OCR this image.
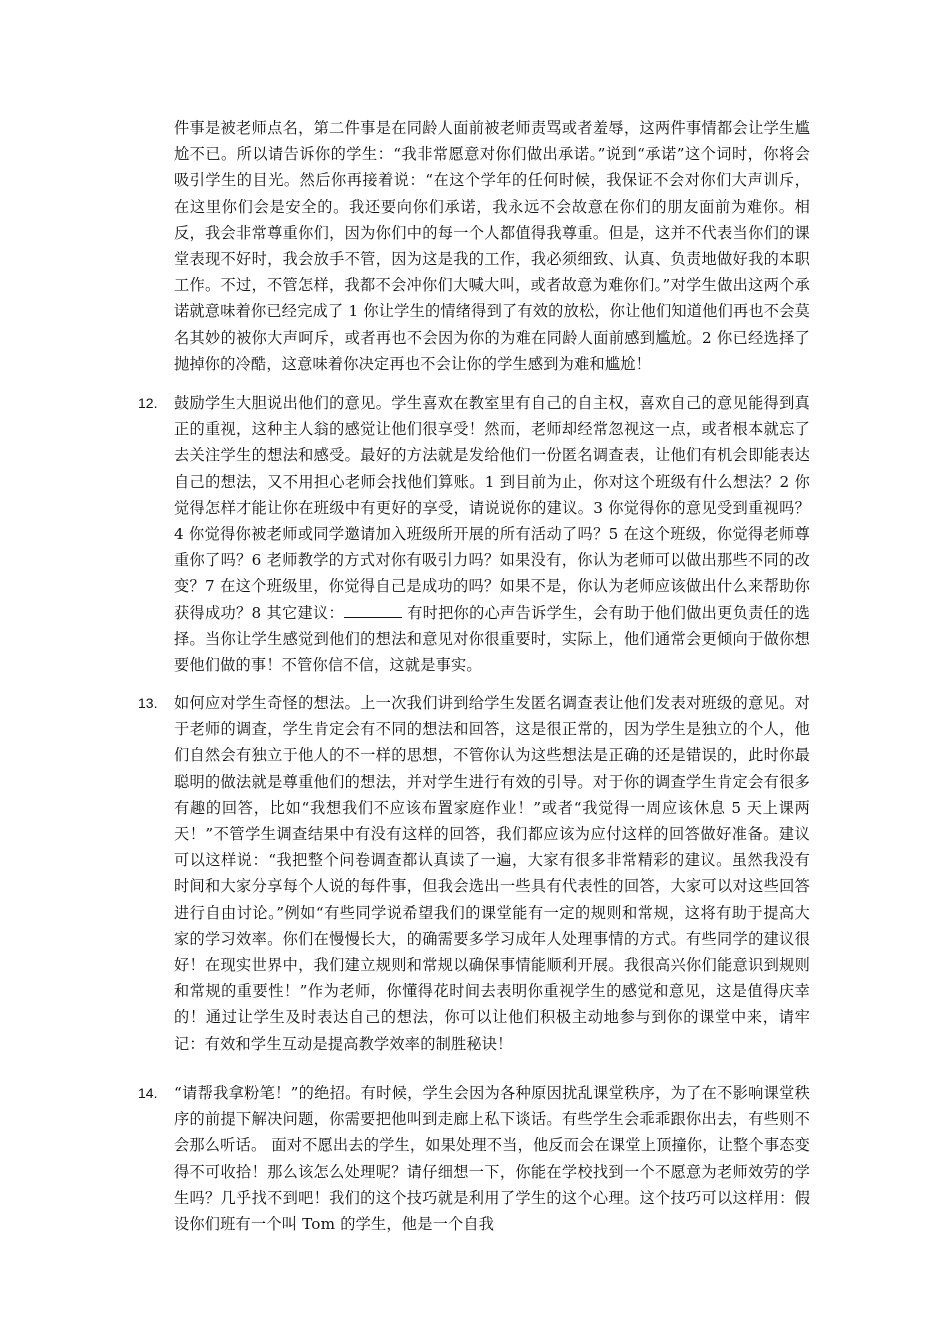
件事是被老师点名，第二件事是在同龄人面前被老师责骂或者羞辱，这两件事情都会让学生尴尬不已。所以请告诉你的学生：“我非常愿意对你们做出承诺。”说到“承诺”这个词时，你将会吸引学生的目光。然后你再接着说：“在这个学年的任何时候，我保证不会对你们大声训斥，在这里你们会是安全的。我还要向你们承诺，我永远不会故意在你们的朋友面前为难你。相反，我会非常尊重你们，因为你们中的每一个人都值得我尊重。但是，这并不代表当你们的课堂表现不好时，我会放手不管，因为这是我的工作，我必须细致、认真、负责地做好我的本职工作。不过，不管怎样，我都不会冲你们大喊大叫，或者故意为难你们。”对学生做出这两个承诺就意味着你已经完成了 1 你让学生的情绪得到了有效的放松，你让他们知道他们再也不会莫名其妙的被你大声呵斥，或者再也不会因为你的为难在同龄人面前感到尴尬。2 你已经选择了抛掉你的冷酷，这意味着你决定再也不会让你的学生感到为难和尴尬！
12.	鼓励学生大胆说出他们的意见。学生喜欢在教室里有自己的自主权，喜欢自己的意见能得到真正的重视，这种主人翁的感觉让他们很享受！然而，老师却经常忽视这一点，或者根本就忘了去关注学生的想法和感受。最好的方法就是发给他们一份匿名调查表，让他们有机会即能表达自己的想法，又不用担心老师会找他们算账。1 到目前为止，你对这个班级有什么想法？2 你觉得怎样才能让你在班级中有更好的享受，请说说你的建议。3 你觉得你的意见受到重视吗？4 你觉得你被老师或同学邀请加入班级所开展的所有活动了吗？5 在这个班级，你觉得老师尊重你了吗？6 老师教学的方式对你有吸引力吗？如果没有，你认为老师可以做出那些不同的改变？7 在这个班级里，你觉得自己是成功的吗？如果不是，你认为老师应该做出什么来帮助你获得成功？8 其它建议：	有时把你的心声告诉学生，会有助于他们做出更负责任的选择。当你让学生感觉到他们的想法和意见对你很重要时，实际上，他们通常会更倾向于做你想要他们做的事！不管你信不信，这就是事实。
13.	如何应对学生奇怪的想法。上一次我们讲到给学生发匿名调查表让他们发表对班级的意见。对于老师的调查，学生肯定会有不同的想法和回答，这是很正常的，因为学生是独立的个人，他们自然会有独立于他人的不一样的思想，不管你认为这些想法是正确的还是错误的，此时你最聪明的做法就是尊重他们的想法，并对学生进行有效的引导。对于你的调查学生肯定会有很多有趣的回答，比如“我想我们不应该布置家庭作业！”或者“我觉得一周应该休息 5 天上课两天！”不管学生调查结果中有没有这样的回答，我们都应该为应付这样的回答做好准备。建议可以这样说：“我把整个问卷调查都认真读了一遍，大家有很多非常精彩的建议。虽然我没有时间和大家分享每个人说的每件事，但我会选出一些具有代表性的回答，大家可以对这些回答进行自由讨论。”例如“有些同学说希望我们的课堂能有一定的规则和常规，这将有助于提高大家的学习效率。你们在慢慢长大，的确需要多学习成年人处理事情的方式。有些同学的建议很好！在现实世界中，我们建立规则和常规以确保事情能顺利开展。我很高兴你们能意识到规则和常规的重要性！”作为老师，你懂得花时间去表明你重视学生的感觉和意见，这是值得庆幸的！通过让学生及时表达自己的想法，你可以让他们积极主动地参与到你的课堂中来，请牢记：有效和学生互动是提高教学效率的制胜秘诀！
14.	“请帮我拿粉笔！”的绝招。有时候，学生会因为各种原因扰乱课堂秩序，为了在不影响课堂秩序的前提下解决问题，你需要把他叫到走廊上私下谈话。有些学生会乖乖跟你出去，有些则不会那么听话。 面对不愿出去的学生，如果处理不当，他反而会在课堂上顶撞你，让整个事态变得不可收拾！那么该怎么处理呢？请仔细想一下，你能在学校找到一个不愿意为老师效劳的学生吗？几乎找不到吧！我们的这个技巧就是利用了学生的这个心理。这个技巧可以这样用：假设你们班有一个叫 Tom 的学生，他是一个自我
